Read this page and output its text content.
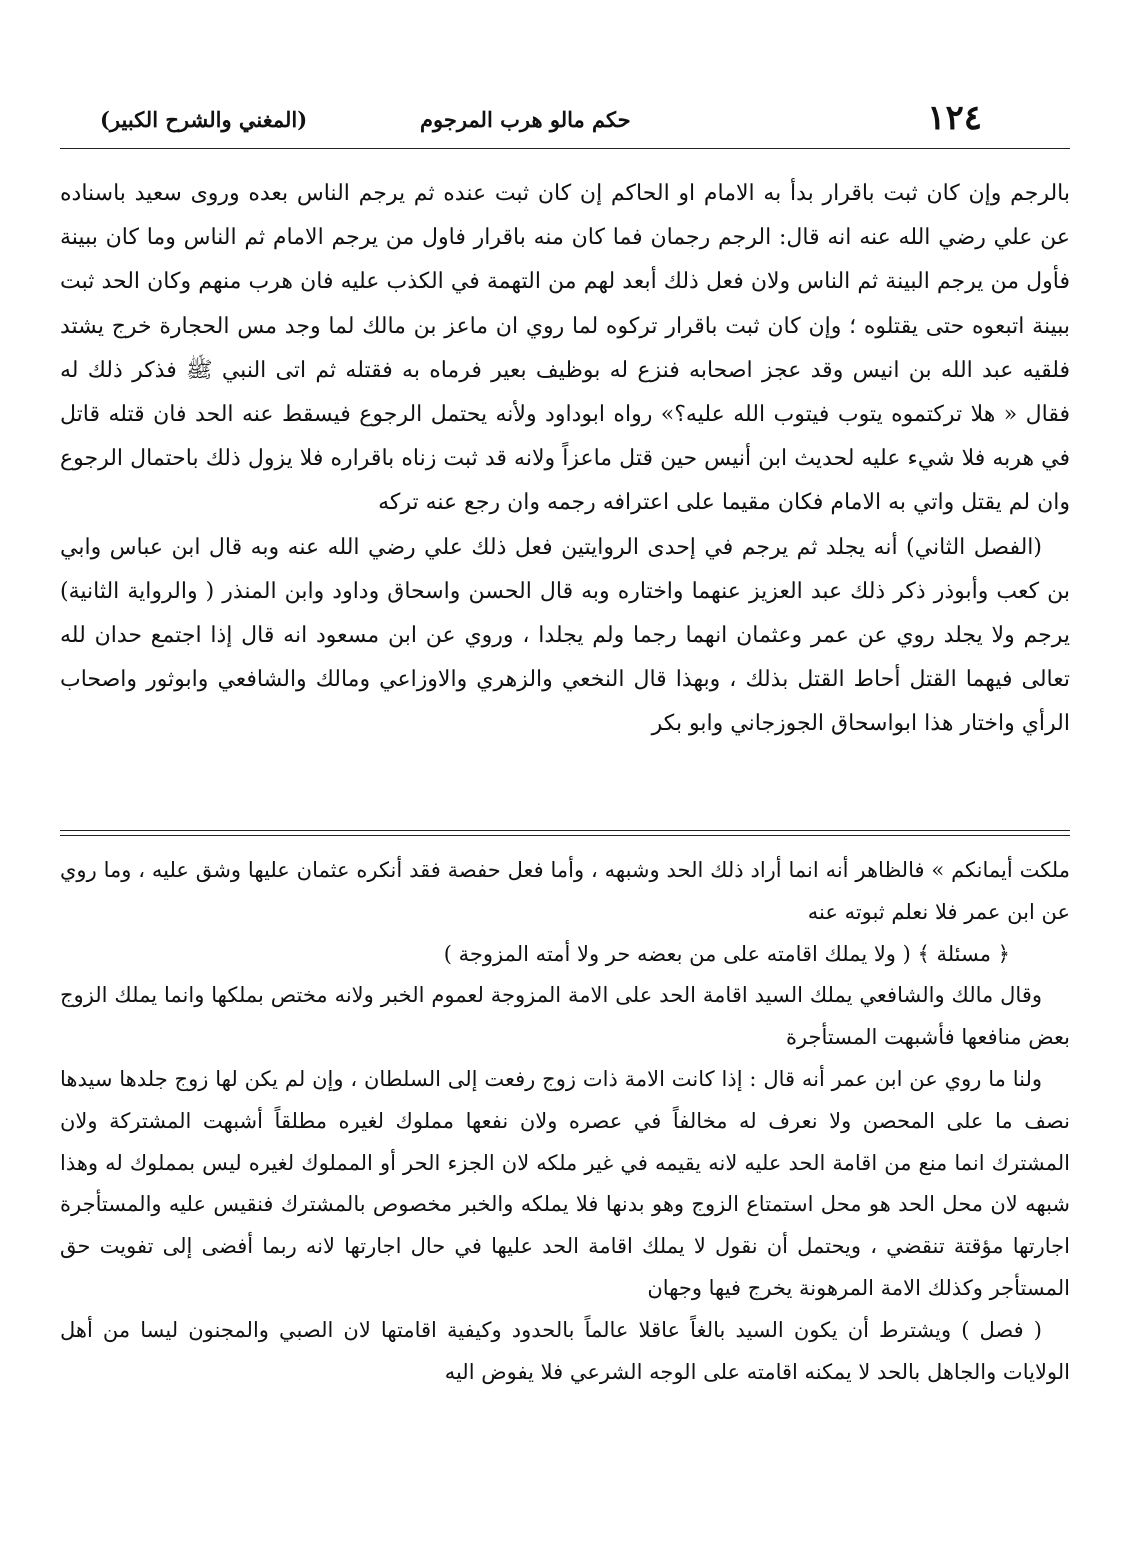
١٢٤
حكم مالو هرب المرجوم
(المغني والشرح الكبير)

بالرجم وإن كان ثبت باقرار بدأ به الامام او الحاكم إن كان ثبت عنده ثم يرجم الناس بعده وروى سعيد باسناده عن علي رضي الله عنه انه قال: الرجم رجمان فما كان منه باقرار فاول من يرجم الامام ثم الناس وما كان ببينة فأول من يرجم البينة ثم الناس ولان فعل ذلك أبعد لهم من التهمة في الكذب عليه فان هرب منهم وكان الحد ثبت ببينة اتبعوه حتى يقتلوه ؛ وإن كان ثبت باقرار تركوه لما روي ان ماعز بن مالك لما وجد مس الحجارة خرج يشتد فلقيه عبد الله بن انيس وقد عجز اصحابه فنزع له بوظيف بعير فرماه به فقتله ثم اتى النبي ﷺ فذكر ذلك له فقال « هلا تركتموه يتوب فيتوب الله عليه؟» رواه ابوداود ولأنه يحتمل الرجوع فيسقط عنه الحد فان قتله قاتل في هربه فلا شيء عليه لحديث ابن أنيس حين قتل ماعزاً ولانه قد ثبت زناه باقراره فلا يزول ذلك باحتمال الرجوع وان لم يقتل واتي به الامام فكان مقيما على اعترافه رجمه وان رجع عنه تركه

(الفصل الثاني) أنه يجلد ثم يرجم في إحدى الروايتين فعل ذلك علي رضي الله عنه وبه قال ابن عباس وابي بن كعب وأبوذر ذكر ذلك عبد العزيز عنهما واختاره وبه قال الحسن واسحاق وداود وابن المنذر ( والرواية الثانية) يرجم ولا يجلد روي عن عمر وعثمان انهما رجما ولم يجلدا ، وروي عن ابن مسعود انه قال إذا اجتمع حدان لله تعالى فيهما القتل أحاط القتل بذلك ، وبهذا قال النخعي والزهري والاوزاعي ومالك والشافعي وابوثور واصحاب الرأي واختار هذا ابواسحاق الجوزجاني وابو بكر

ملكت أيمانكم » فالظاهر أنه انما أراد ذلك الحد وشبهه ، وأما فعل حفصة فقد أنكره عثمان عليها وشق عليه ، وما روي عن ابن عمر فلا نعلم ثبوته عنه

﴿ مسئلة ﴾ ( ولا يملك اقامته على من بعضه حر ولا أمته المزوجة )

وقال مالك والشافعي يملك السيد اقامة الحد على الامة المزوجة لعموم الخبر ولانه مختص بملكها وانما يملك الزوج بعض منافعها فأشبهت المستأجرة

ولنا ما روي عن ابن عمر أنه قال : إذا كانت الامة ذات زوج رفعت إلى السلطان ، وإن لم يكن لها زوج جلدها سيدها نصف ما على المحصن ولا نعرف له مخالفاً في عصره ولان نفعها مملوك لغيره مطلقاً أشبهت المشتركة ولان المشترك انما منع من اقامة الحد عليه لانه يقيمه في غير ملكه لان الجزء الحر أو المملوك لغيره ليس بمملوك له وهذا شبهه لان محل الحد هو محل استمتاع الزوج وهو بدنها فلا يملكه والخبر مخصوص بالمشترك فنقيس عليه والمستأجرة اجارتها مؤقتة تنقضي ، ويحتمل أن نقول لا يملك اقامة الحد عليها في حال اجارتها لانه ربما أفضى إلى تفويت حق المستأجر وكذلك الامة المرهونة يخرج فيها وجهان

( فصل ) ويشترط أن يكون السيد بالغاً عاقلا عالماً بالحدود وكيفية اقامتها لان الصبي والمجنون ليسا من أهل الولايات والجاهل بالحد لا يمكنه اقامته على الوجه الشرعي فلا يفوض اليه
